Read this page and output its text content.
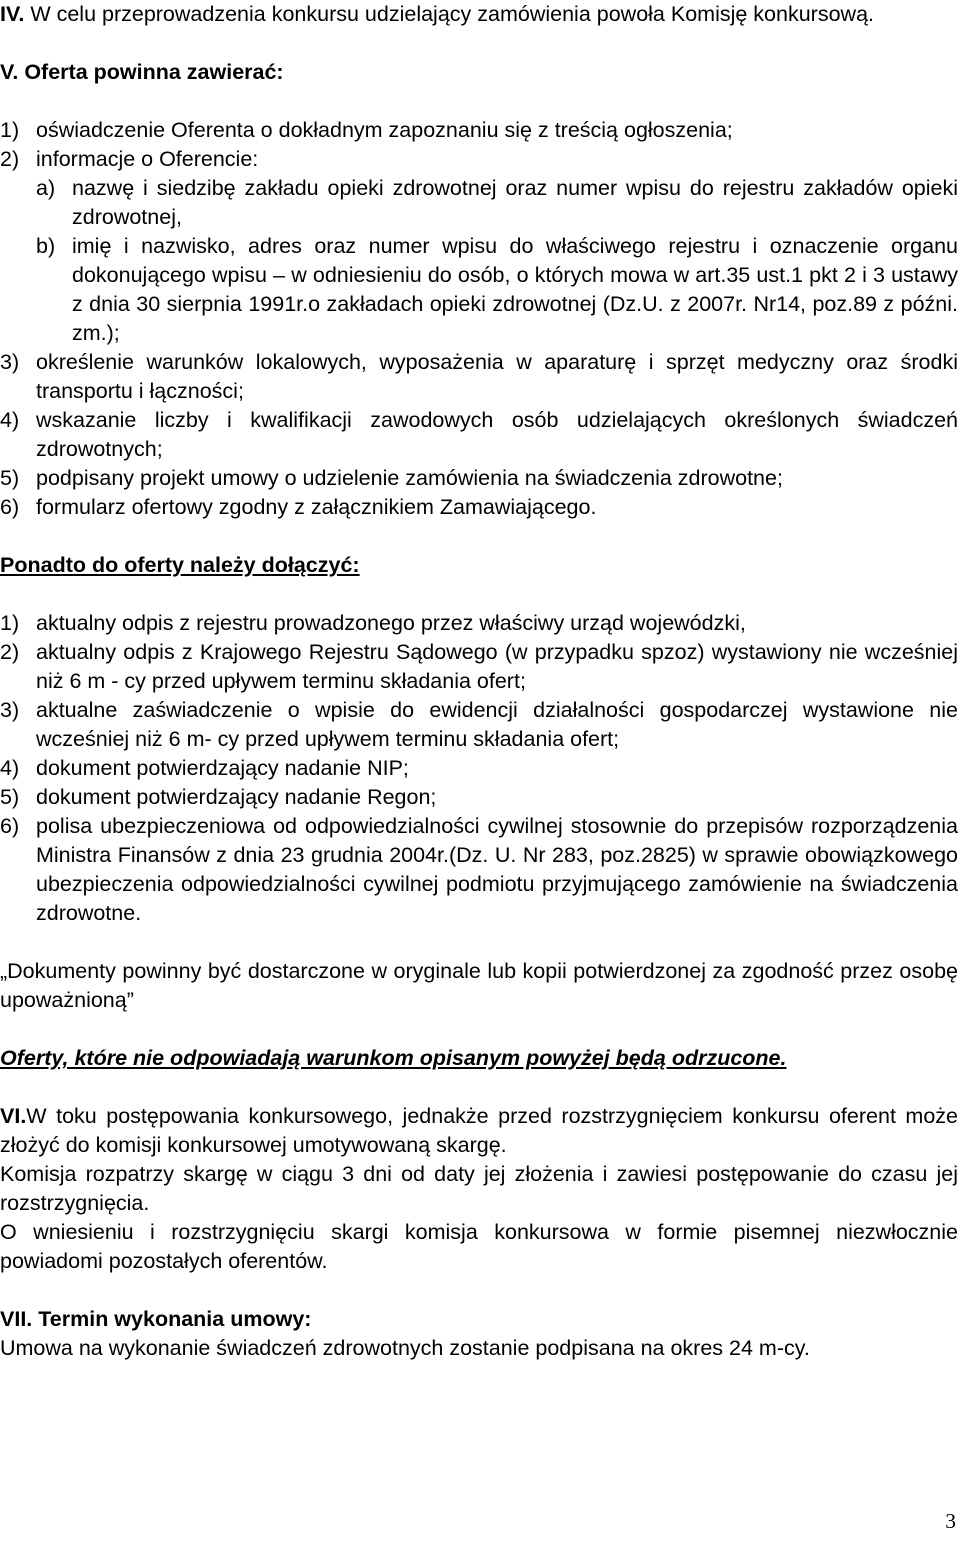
IV. W celu przeprowadzenia konkursu udzielający zamówienia powoła Komisję konkursową.

V. Oferta powinna zawierać:

1) oświadczenie Oferenta o dokładnym zapoznaniu się z treścią ogłoszenia;
2) informacje o Oferencie:
a) nazwę i siedzibę zakładu opieki zdrowotnej oraz numer wpisu do rejestru zakładów opieki zdrowotnej,
b) imię i nazwisko, adres oraz numer wpisu do właściwego rejestru i oznaczenie organu dokonującego wpisu – w odniesieniu do osób, o których mowa w art.35 ust.1 pkt 2 i 3 ustawy z dnia 30 sierpnia 1991r.o zakładach opieki zdrowotnej (Dz.U. z 2007r. Nr14, poz.89 z późni. zm.);
3) określenie warunków lokalowych, wyposażenia w aparaturę i sprzęt medyczny oraz środki transportu i łączności;
4) wskazanie liczby i kwalifikacji zawodowych osób udzielających określonych świadczeń zdrowotnych;
5) podpisany projekt umowy o udzielenie zamówienia na świadczenia zdrowotne;
6) formularz ofertowy zgodny z załącznikiem Zamawiającego.

Ponadto do oferty należy dołączyć:

1) aktualny odpis z rejestru prowadzonego przez właściwy urząd wojewódzki,
2) aktualny odpis z Krajowego Rejestru Sądowego (w przypadku spzoz) wystawiony nie wcześniej niż 6 m - cy przed upływem terminu składania ofert;
3) aktualne zaświadczenie o wpisie do ewidencji działalności gospodarczej wystawione nie wcześniej niż 6 m- cy przed upływem terminu składania ofert;
4) dokument potwierdzający nadanie NIP;
5) dokument potwierdzający nadanie Regon;
6) polisa ubezpieczeniowa od odpowiedzialności cywilnej stosownie do przepisów rozporządzenia Ministra Finansów z dnia 23 grudnia 2004r.(Dz. U. Nr 283, poz.2825) w sprawie obowiązkowego ubezpieczenia odpowiedzialności cywilnej podmiotu przyjmującego zamówienie na świadczenia zdrowotne.

„Dokumenty powinny być dostarczone w oryginale lub kopii potwierdzonej za zgodność przez osobę upoważnioną”

Oferty, które nie odpowiadają warunkom opisanym powyżej będą odrzucone.

VI.W toku postępowania konkursowego, jednakże przed rozstrzygnięciem konkursu oferent może złożyć do komisji konkursowej umotywowaną skargę.

Komisja rozpatrzy skargę w ciągu 3 dni od daty jej złożenia i zawiesi postępowanie do czasu jej rozstrzygnięcia.

O wniesieniu i rozstrzygnięciu skargi komisja konkursowa w formie pisemnej niezwłocznie powiadomi pozostałych oferentów.

VII. Termin wykonania umowy:

Umowa na wykonanie świadczeń zdrowotnych zostanie podpisana na okres 24 m-cy.

3
